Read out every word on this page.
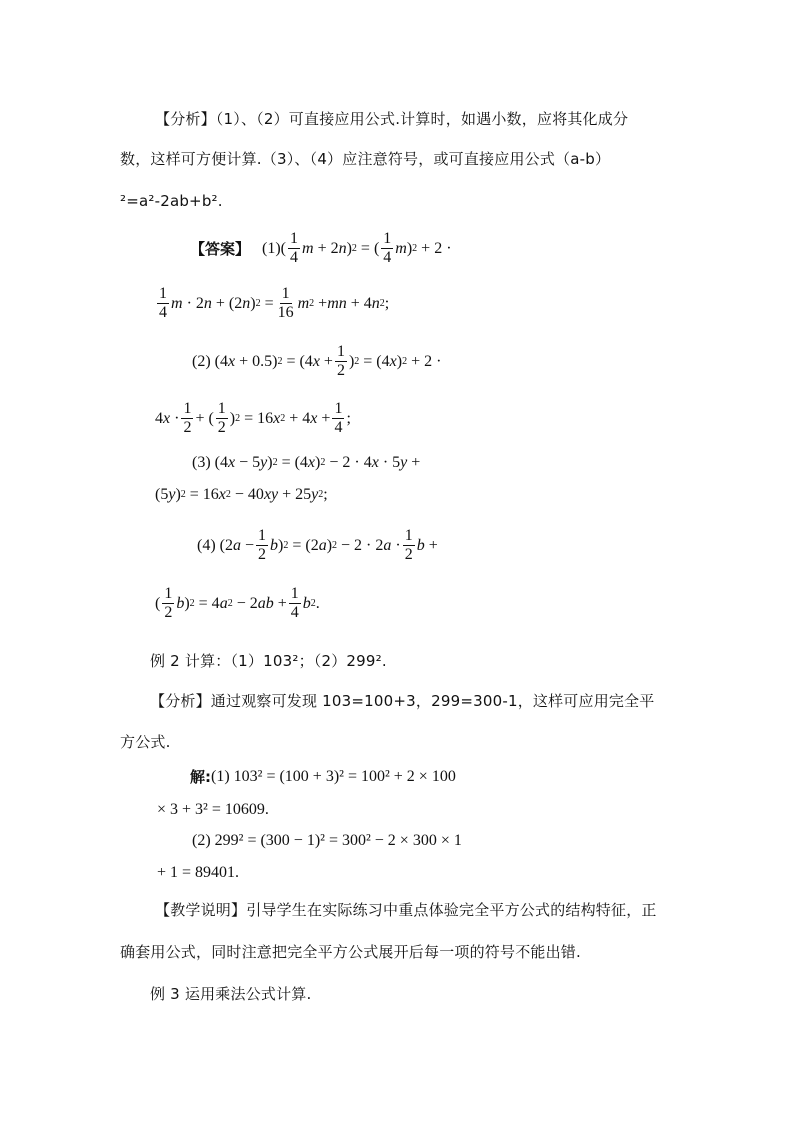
【分析】（1）、（2）可直接应用公式.计算时，如遇小数，应将其化成分
数，这样可方便计算.（3）、（4）应注意符号，或可直接应用公式（a-b）
²=a²-2ab+b².
【答案】 (1) ( $\frac{1}{4}$ m + 2 n ) 2 = ( $\frac{1}{4}$ m ) 2 + 2 ·
$\frac{1}{4}$ m · 2 n + (2 n ) $2 = \frac{1}{16}$ m 2 + mn + 4 n 2 ;
(2) (4 x + 0.5) 2 = (4 $x + \frac{1}{2}$ ) 2 = (4 x ) 2 + 2 ·
4 $x \cdot \frac{1}{2}$ + ( $\frac{1}{2}$ ) 2 = 16 x 2 + 4 $x + \frac{1}{4}$ ;
(3) (4 x − 5 y ) 2 = (4 x ) 2 − 2 · 4 x · 5 y +
(5 y ) 2 = 16 x 2 − 40 xy + 25 y 2 ;
(4) (2 $a - \frac{1}{2}$ b ) 2 = (2 a ) 2 − 2 · 2 $a \cdot \frac{1}{2}$ b +
( $\frac{1}{2}$ b ) 2 = 4 a 2 − 2 ab + $\frac{1}{4}$ b 2 .
例 2 计算：（1）103²；（2）299².
【分析】通过观察可发现 103=100+3，299=300-1，这样可应用完全平
方公式.
解: (1) 103² = (100 + 3)² = 100² + 2 × 100
× 3 + 3² = 10609.
(2) 299² = (300 − 1)² = 300² − 2 × 300 × 1
+ 1 = 89401.
【教学说明】引导学生在实际练习中重点体验完全平方公式的结构特征，正
确套用公式，同时注意把完全平方公式展开后每一项的符号不能出错.
例 3 运用乘法公式计算.
